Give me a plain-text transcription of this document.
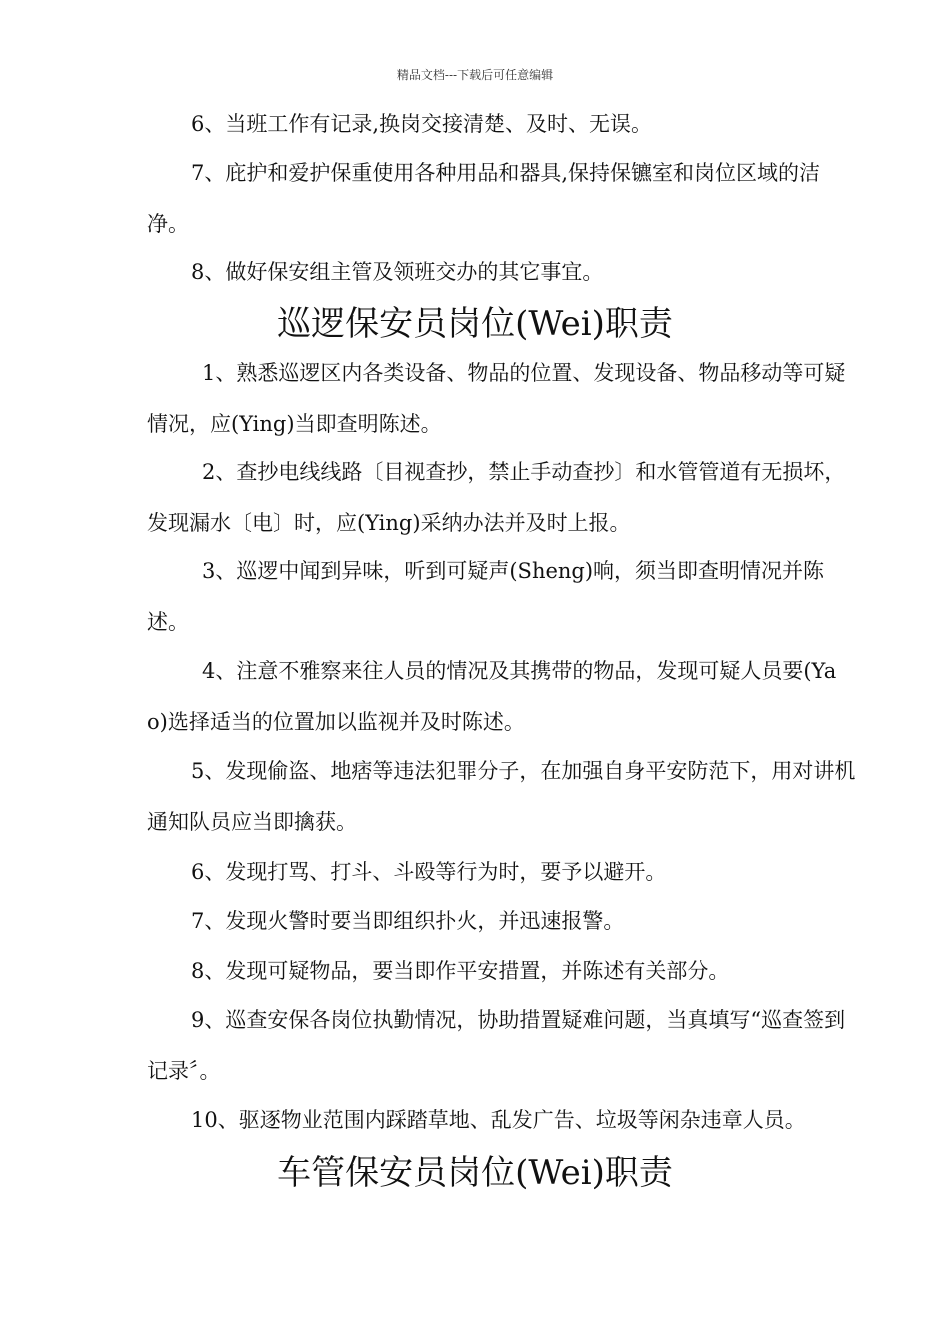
精品文档---下载后可任意编辑
6、当班工作有记录,换岗交接清楚、及时、无误。
7、庇护和爱护保重使用各种用品和器具,保持保镳室和岗位区域的洁净。
8、做好保安组主管及领班交办的其它事宜。
巡逻保安员岗位(Wei)职责
1、熟悉巡逻区内各类设备、物品的位置、发现设备、物品移动等可疑情况，应(Ying)当即查明陈述。
2、查抄电线线路〔目视查抄，禁止手动查抄〕和水管管道有无损坏，发现漏水〔电〕时，应(Ying)采纳办法并及时上报。
3、巡逻中闻到异味，听到可疑声(Sheng)响，须当即查明情况并陈述。
4、注意不雅察来往人员的情况及其携带的物品，发现可疑人员要(Yao)选择适当的位置加以监视并及时陈述。
5、发现偷盗、地痞等违法犯罪分子，在加强自身平安防范下，用对讲机通知队员应当即擒获。
6、发现打骂、打斗、斗殴等行为时，要予以避开。
7、发现火警时要当即组织扑火，并迅速报警。
8、发现可疑物品，要当即作平安措置，并陈述有关部分。
9、巡查安保各岗位执勤情况，协助措置疑难问题，当真填写“巡查签到记录〞。
10、驱逐物业范围内踩踏草地、乱发广告、垃圾等闲杂违章人员。
车管保安员岗位(Wei)职责
